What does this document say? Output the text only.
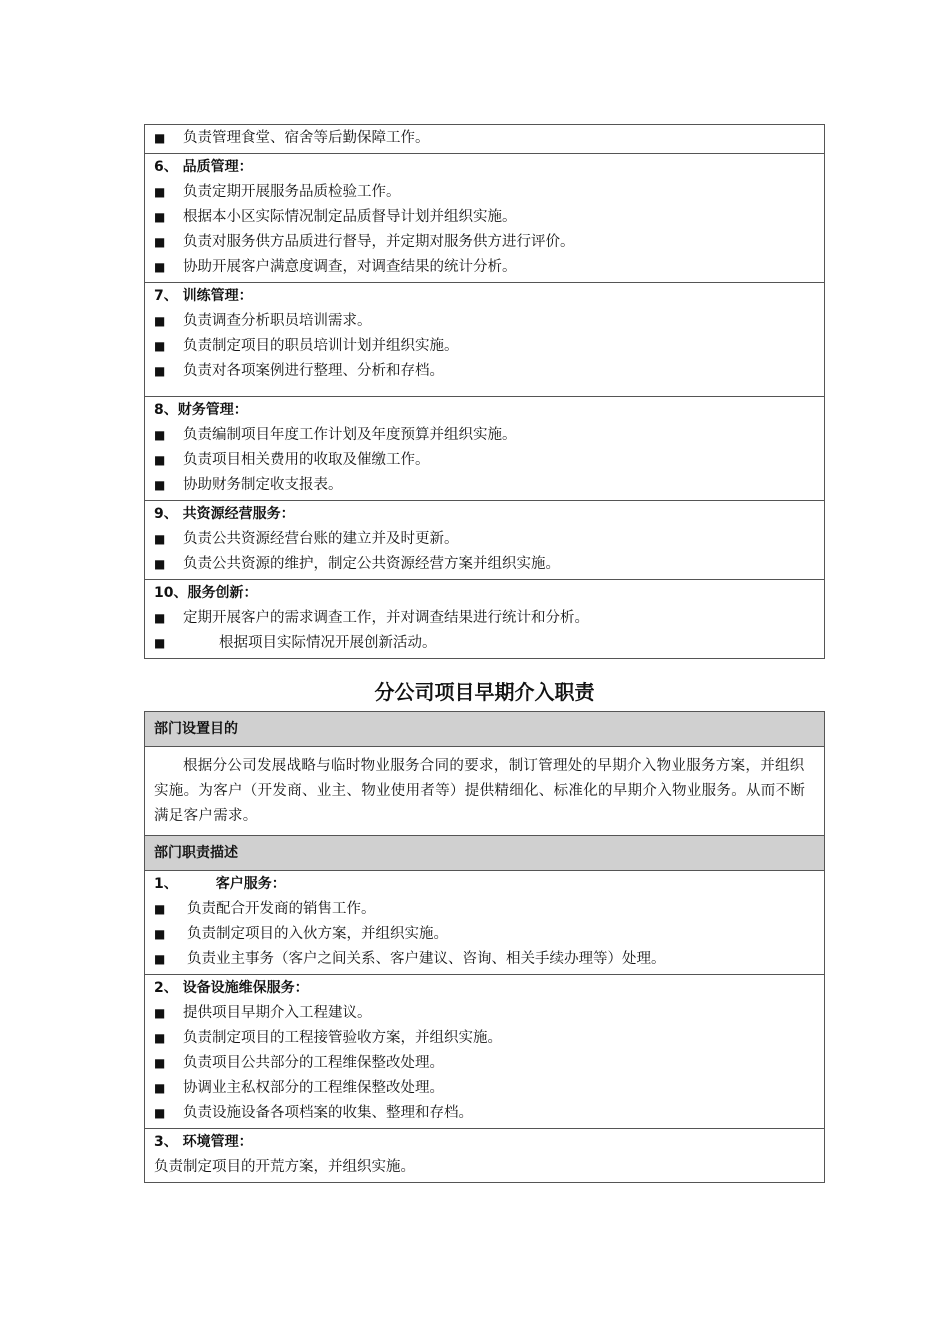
■ 负责管理食堂、宿舍等后勤保障工作。
6、 品质管理：
■ 负责定期开展服务品质检验工作。
■ 根据本小区实际情况制定品质督导计划并组织实施。
■ 负责对服务供方品质进行督导，并定期对服务供方进行评价。
■ 协助开展客户满意度调查，对调查结果的统计分析。
7、 训练管理：
■ 负责调查分析职员培训需求。
■ 负责制定项目的职员培训计划并组织实施。
■ 负责对各项案例进行整理、分析和存档。
8、财务管理：
■ 负责编制项目年度工作计划及年度预算并组织实施。
■ 负责项目相关费用的收取及催缴工作。
■ 协助财务制定收支报表。
9、 共资源经营服务：
■ 负责公共资源经营台账的建立并及时更新。
■ 负责公共资源的维护，制定公共资源经营方案并组织实施。
10、服务创新：
■ 定期开展客户的需求调查工作，并对调查结果进行统计和分析。
■	根据项目实际情况开展创新活动。
分公司项目早期介入职责
部门设置目的
根据分公司发展战略与临时物业服务合同的要求，制订管理处的早期介入物业服务方案，并组织实施。为客户（开发商、业主、物业使用者等）提供精细化、标准化的早期介入物业服务。从而不断满足客户需求。
部门职责描述
1、	客户服务：
■ 负责配合开发商的销售工作。
■ 负责制定项目的入伙方案，并组织实施。
■ 负责业主事务（客户之间关系、客户建议、咨询、相关手续办理等）处理。
2、 设备设施维保服务：
■ 提供项目早期介入工程建议。
■ 负责制定项目的工程接管验收方案，并组织实施。
■ 负责项目公共部分的工程维保整改处理。
■ 协调业主私权部分的工程维保整改处理。
■ 负责设施设备各项档案的收集、整理和存档。
3、 环境管理：
负责制定项目的开荒方案，并组织实施。
